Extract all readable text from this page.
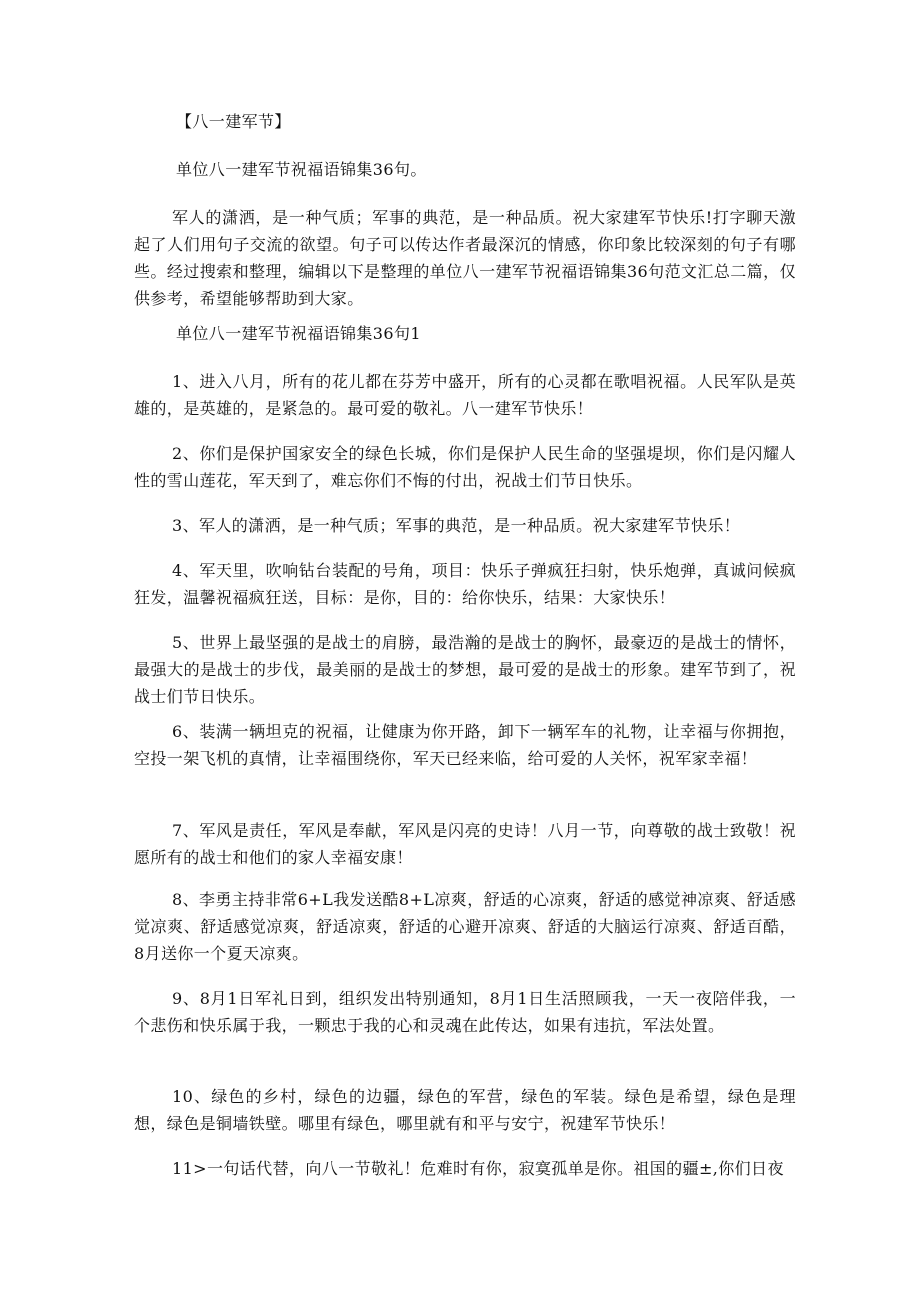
【八一建军节】
单位八一建军节祝福语锦集36句。
军人的潇洒，是一种气质；军事的典范，是一种品质。祝大家建军节快乐!打字聊天激起了人们用句子交流的欲望。句子可以传达作者最深沉的情感，你印象比较深刻的句子有哪些。经过搜索和整理，编辑以下是整理的单位八一建军节祝福语锦集36句范文汇总二篇，仅供参考，希望能够帮助到大家。
单位八一建军节祝福语锦集36句1
1、进入八月，所有的花儿都在芬芳中盛开，所有的心灵都在歌唱祝福。人民军队是英雄的，是英雄的，是紧急的。最可爱的敬礼。八一建军节快乐！
2、你们是保护国家安全的绿色长城，你们是保护人民生命的坚强堤坝，你们是闪耀人性的雪山莲花，军天到了，难忘你们不悔的付出，祝战士们节日快乐。
3、军人的潇洒，是一种气质；军事的典范，是一种品质。祝大家建军节快乐！
4、军天里，吹响钻台装配的号角，项目：快乐子弹疯狂扫射，快乐炮弹，真诚问候疯狂发，温馨祝福疯狂送，目标：是你，目的：给你快乐，结果：大家快乐！
5、世界上最坚强的是战士的肩膀，最浩瀚的是战士的胸怀，最豪迈的是战士的情怀，最强大的是战士的步伐，最美丽的是战士的梦想，最可爱的是战士的形象。建军节到了，祝战士们节日快乐。
6、装满一辆坦克的祝福，让健康为你开路，卸下一辆军车的礼物，让幸福与你拥抱，空投一架飞机的真情，让幸福围绕你，军天已经来临，给可爱的人关怀，祝军家幸福！
7、军风是责任，军风是奉献，军风是闪亮的史诗！八月一节，向尊敬的战士致敬！祝愿所有的战士和他们的家人幸福安康！
8、李勇主持非常6+L我发送酷8+L凉爽，舒适的心凉爽，舒适的感觉神凉爽、舒适感觉凉爽、舒适感觉凉爽，舒适凉爽，舒适的心避开凉爽、舒适的大脑运行凉爽、舒适百酷，8月送你一个夏天凉爽。
9、8月1日军礼日到，组织发出特别通知，8月1日生活照顾我，一天一夜陪伴我，一个悲伤和快乐属于我，一颗忠于我的心和灵魂在此传达，如果有违抗，军法处置。
10、绿色的乡村，绿色的边疆，绿色的军营，绿色的军装。绿色是希望，绿色是理想，绿色是铜墙铁壁。哪里有绿色，哪里就有和平与安宁，祝建军节快乐！
11>一句话代替，向八一节敬礼！危难时有你，寂寞孤单是你。祖国的疆±,你们日夜
